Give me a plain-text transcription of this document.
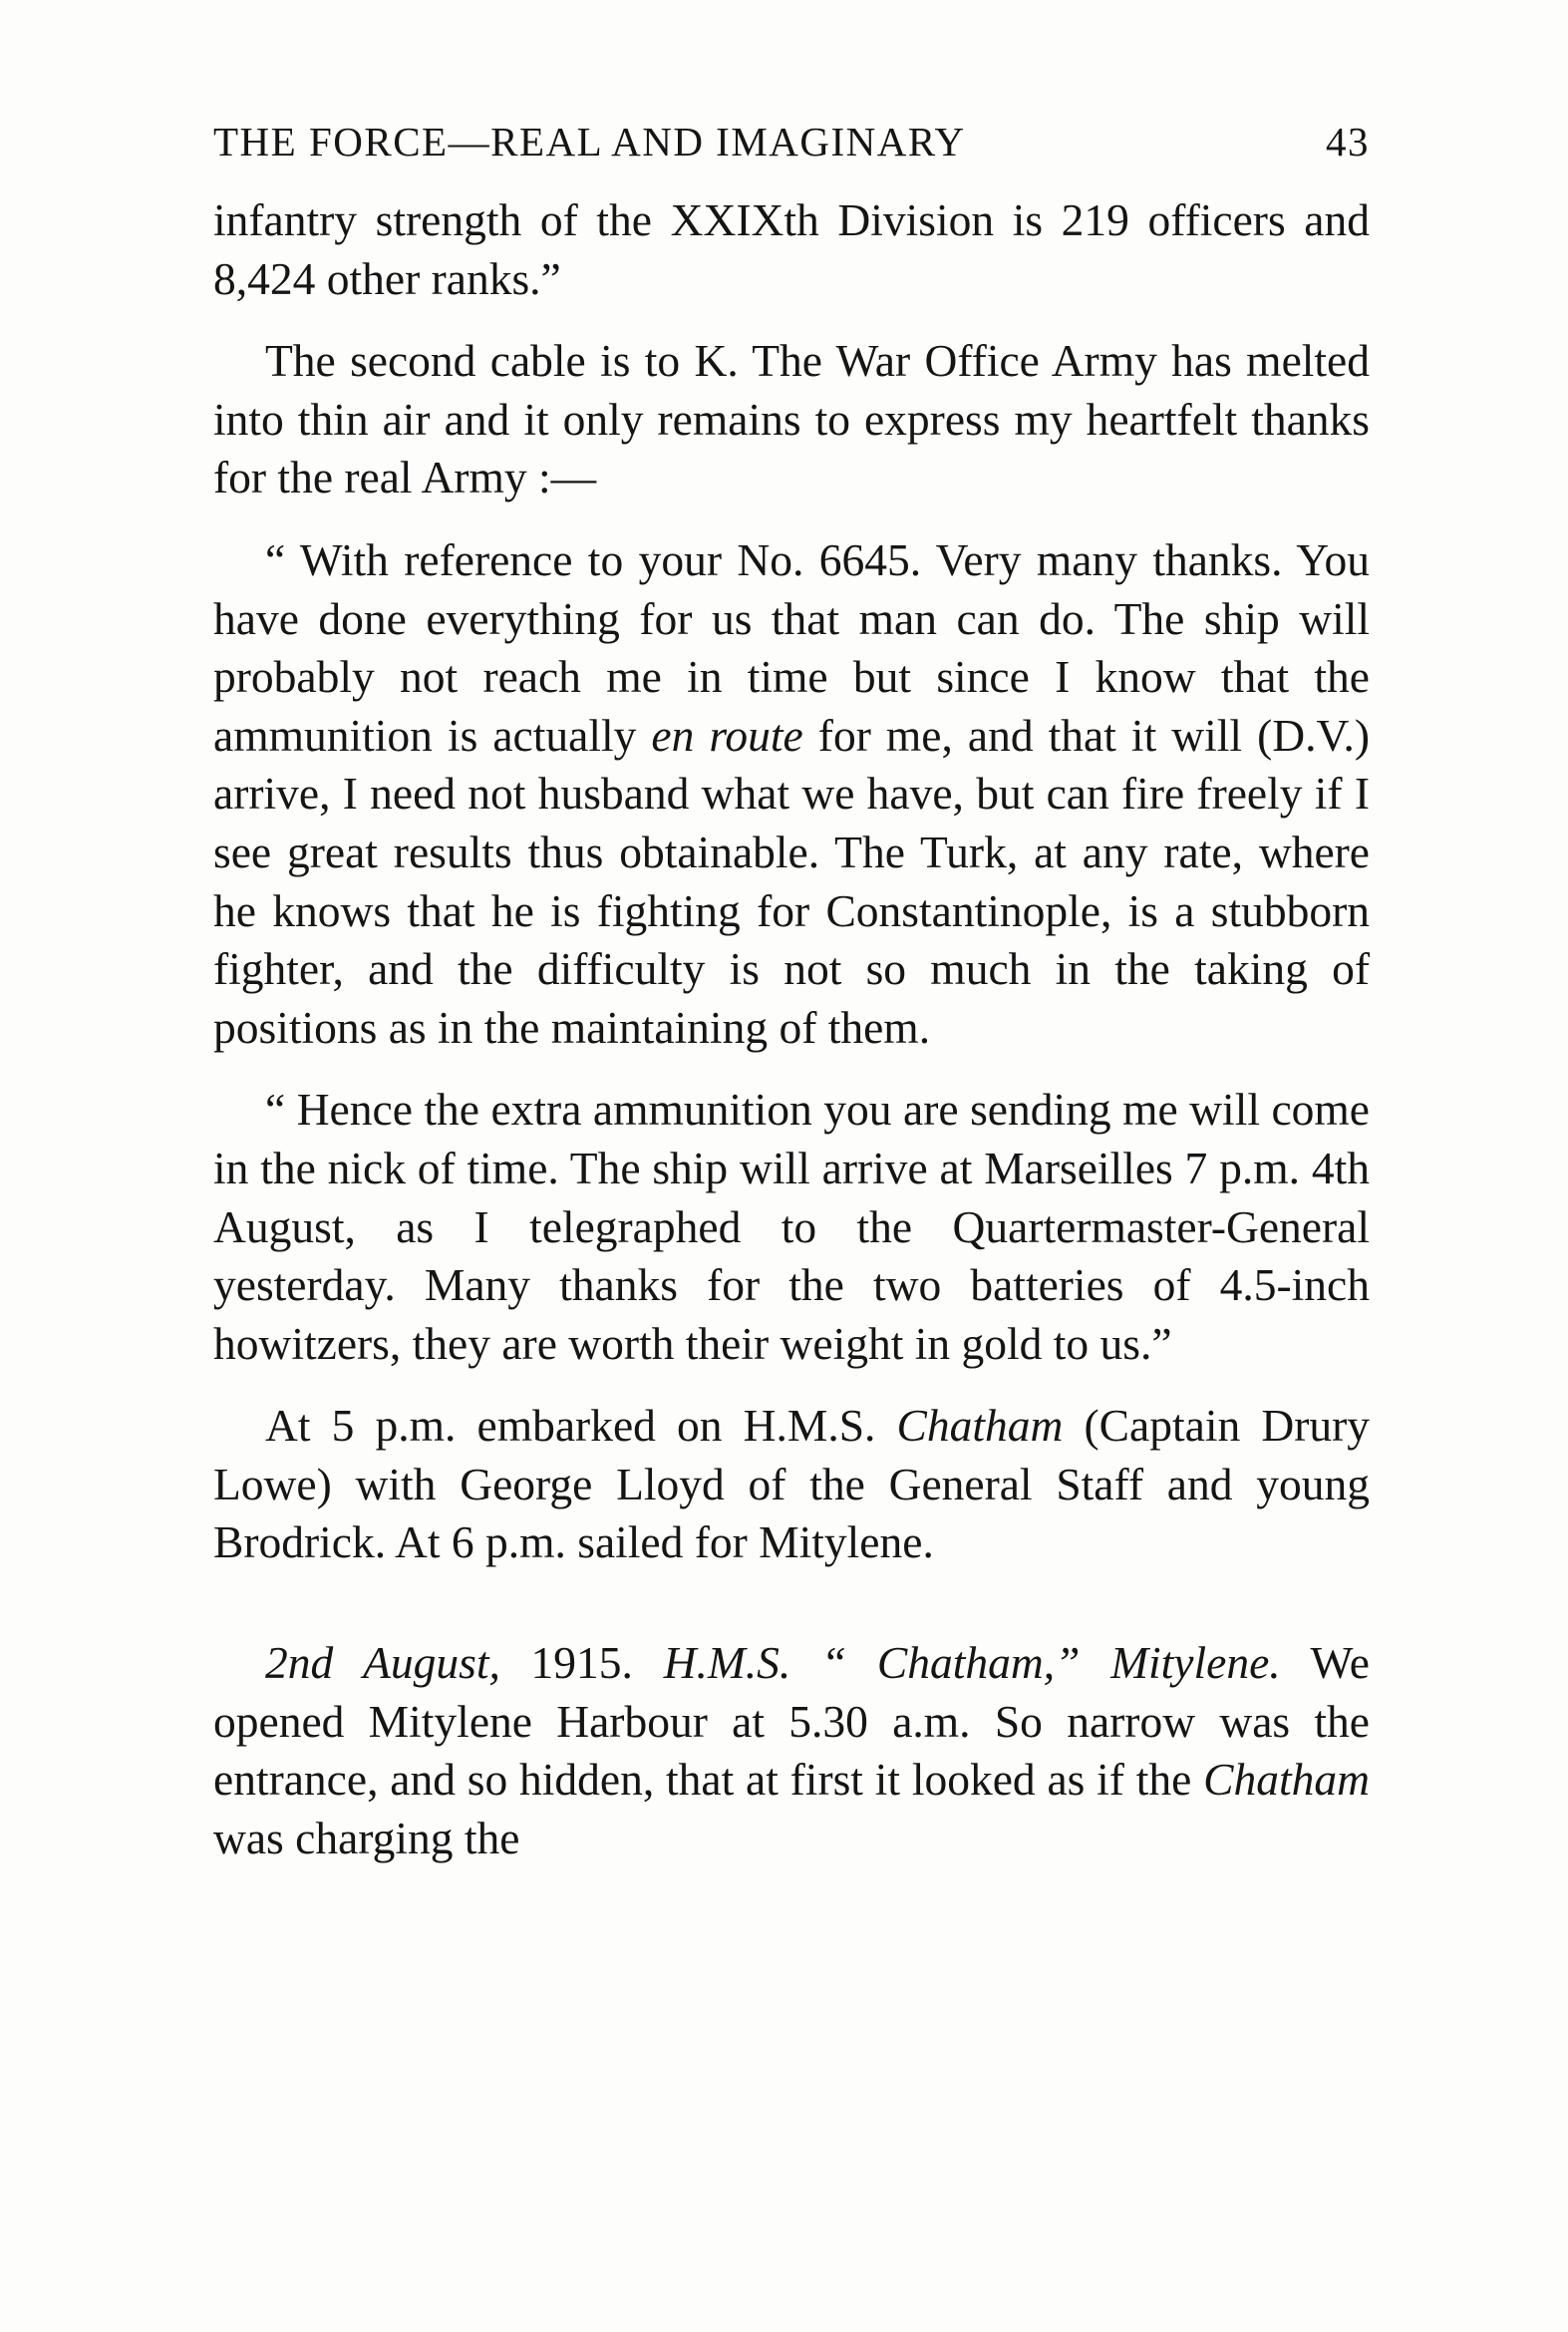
THE FORCE—REAL AND IMAGINARY	43

infantry strength of the XXIXth Division is 219 officers and 8,424 other ranks.”

The second cable is to K. The War Office Army has melted into thin air and it only remains to express my heartfelt thanks for the real Army :—

“ With reference to your No. 6645. Very many thanks. You have done everything for us that man can do. The ship will probably not reach me in time but since I know that the ammunition is actually en route for me, and that it will (D.V.) arrive, I need not husband what we have, but can fire freely if I see great results thus obtainable. The Turk, at any rate, where he knows that he is fighting for Constantinople, is a stubborn fighter, and the difficulty is not so much in the taking of positions as in the maintaining of them.

“ Hence the extra ammunition you are sending me will come in the nick of time. The ship will arrive at Marseilles 7 p.m. 4th August, as I telegraphed to the Quartermaster-General yesterday. Many thanks for the two batteries of 4.5-inch howitzers, they are worth their weight in gold to us.”

At 5 p.m. embarked on H.M.S. Chatham (Captain Drury Lowe) with George Lloyd of the General Staff and young Brodrick. At 6 p.m. sailed for Mitylene.

2nd August, 1915. H.M.S. “ Chatham,” Mitylene. We opened Mitylene Harbour at 5.30 a.m. So narrow was the entrance, and so hidden, that at first it looked as if the Chatham was charging the
